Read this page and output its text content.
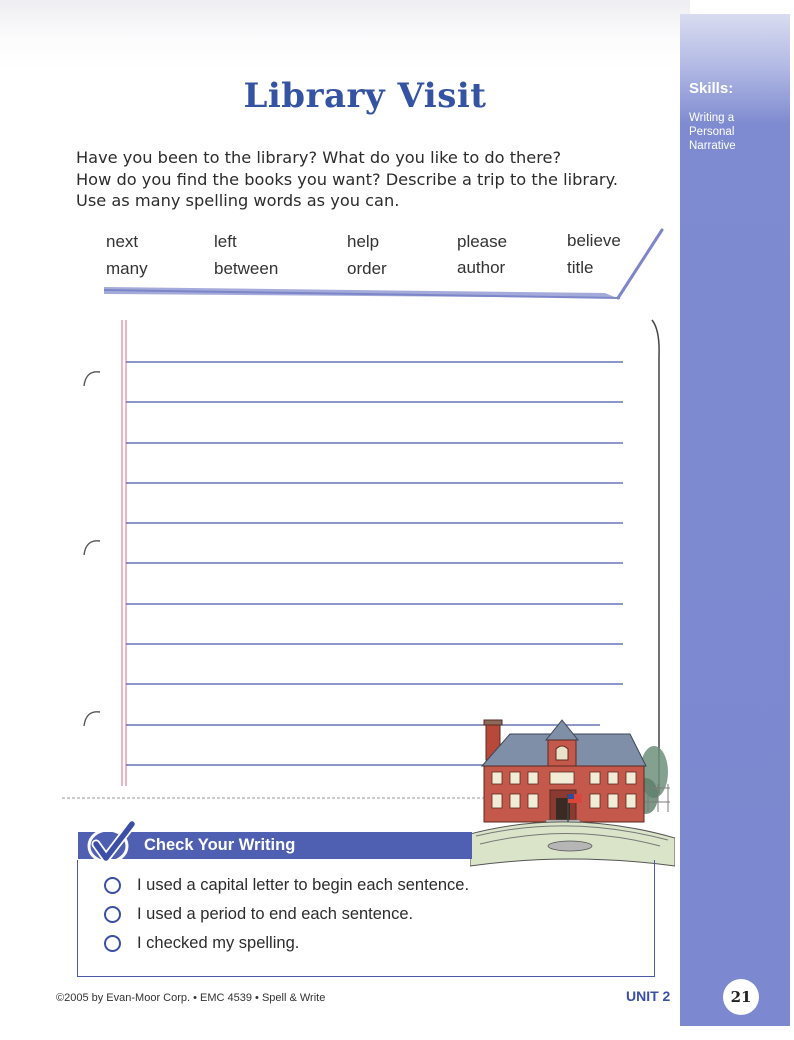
Skills:
Writing a
Personal
Narrative
Library Visit
Have you been to the library? What do you like to do there?
How do you find the books you want? Describe a trip to the library.
Use as many spelling words as you can.
next	left	help	please	believe
many	between	order	author	title
Check Your Writing
I used a capital letter to begin each sentence.
I used a period to end each sentence.
I checked my spelling.
©2005 by Evan-Moor Corp. • EMC 4539 • Spell & Write	UNIT 2	21
